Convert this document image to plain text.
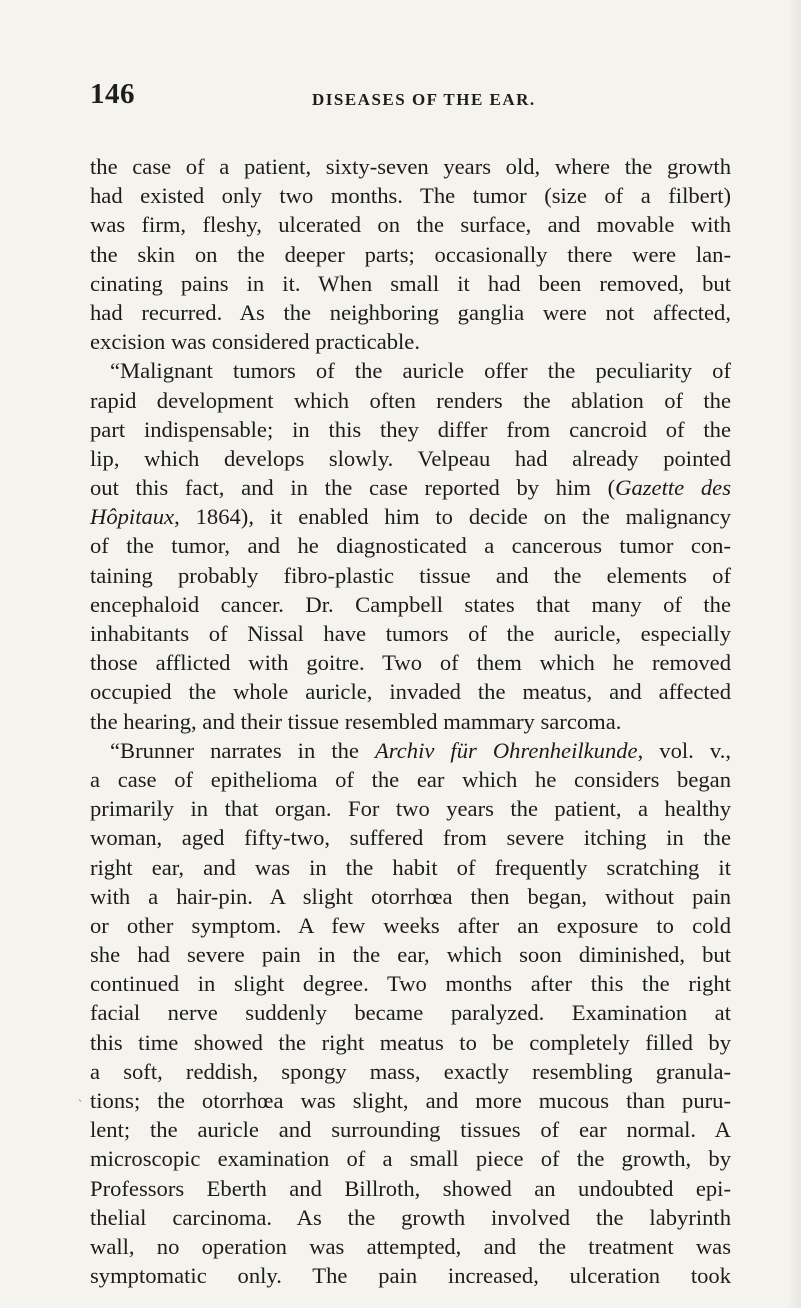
146	DISEASES OF THE EAR.
the case of a patient, sixty-seven years old, where the growth
had existed only two months. The tumor (size of a filbert)
was firm, fleshy, ulcerated on the surface, and movable with
the skin on the deeper parts; occasionally there were lan-
cinating pains in it. When small it had been removed, but
had recurred. As the neighboring ganglia were not affected,
excision was considered practicable.
“Malignant tumors of the auricle offer the peculiarity of
rapid development which often renders the ablation of the
part indispensable; in this they differ from cancroid of the
lip, which develops slowly. Velpeau had already pointed
out this fact, and in the case reported by him (Gazette des
Hôpitaux, 1864), it enabled him to decide on the malignancy
of the tumor, and he diagnosticated a cancerous tumor con-
taining probably fibro-plastic tissue and the elements of
encephaloid cancer. Dr. Campbell states that many of the
inhabitants of Nissal have tumors of the auricle, especially
those afflicted with goitre. Two of them which he removed
occupied the whole auricle, invaded the meatus, and affected
the hearing, and their tissue resembled mammary sarcoma.
“Brunner narrates in the Archiv für Ohrenheilkunde, vol. v.,
a case of epithelioma of the ear which he considers began
primarily in that organ. For two years the patient, a healthy
woman, aged fifty-two, suffered from severe itching in the
right ear, and was in the habit of frequently scratching it
with a hair-pin. A slight otorrhœa then began, without pain
or other symptom. A few weeks after an exposure to cold
she had severe pain in the ear, which soon diminished, but
continued in slight degree. Two months after this the right
facial nerve suddenly became paralyzed. Examination at
this time showed the right meatus to be completely filled by
a soft, reddish, spongy mass, exactly resembling granula-
tions; the otorrhœa was slight, and more mucous than puru-
lent; the auricle and surrounding tissues of ear normal. A
microscopic examination of a small piece of the growth, by
Professors Eberth and Billroth, showed an undoubted epi-
thelial carcinoma. As the growth involved the labyrinth
wall, no operation was attempted, and the treatment was
symptomatic only. The pain increased, ulceration took
ˎ
